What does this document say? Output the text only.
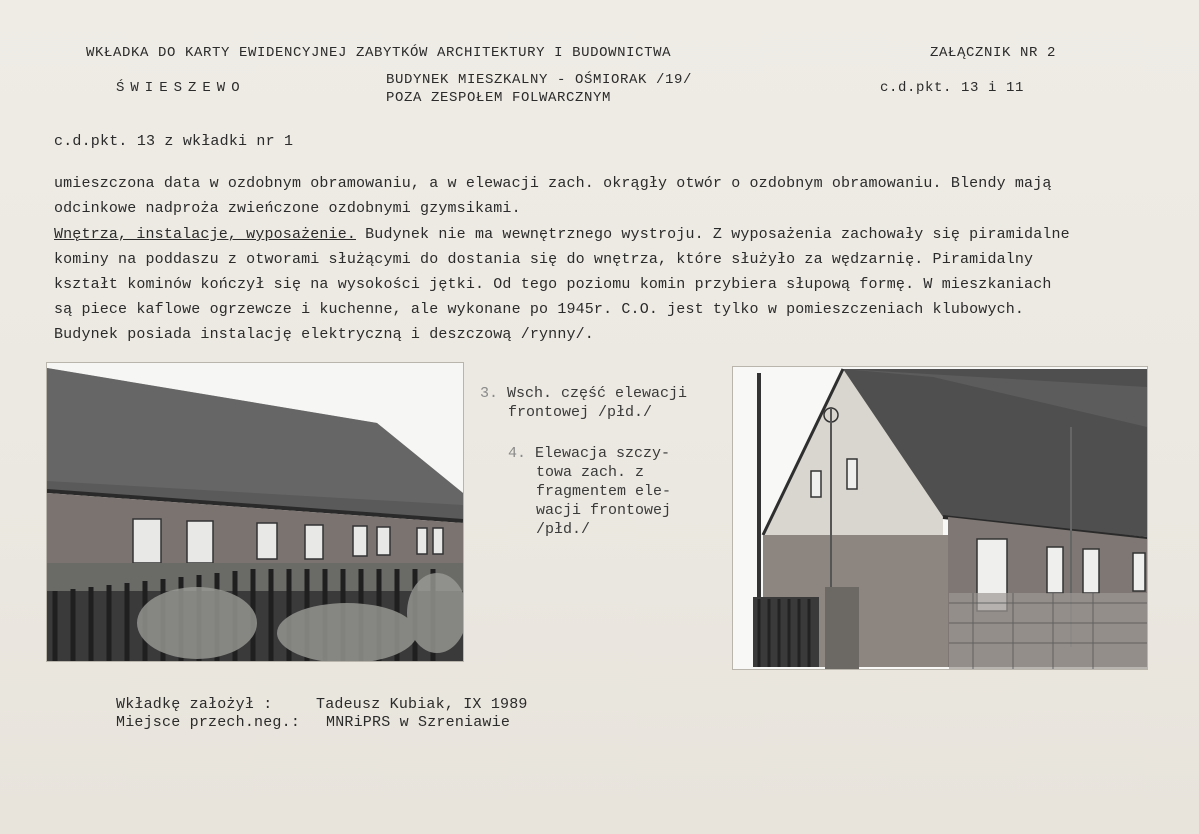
WKŁADKA DO KARTY EWIDENCYJNEJ ZABYTKÓW ARCHITEKTURY I BUDOWNICTWA	ZAŁĄCZNIK NR 2
ŚWIESZEWO	BUDYNEK MIESZKALNY - OŚMIORAK /19/
POZA ZESPOŁEM FOLWARCZNYM
c.d.pkt. 13 i 11
c.d.pkt. 13 z wkładki nr 1
umieszczona data w ozdobnym obramowaniu, a w elewacji zach. okrągły otwór o ozdobnym obramowaniu. Blendy mają
odcinkowe nadproża zwieńczone ozdobnymi gzymsikami.
Wnętrza, instalacje, wyposażenie. Budynek nie ma wewnętrznego wystroju. Z wyposażenia zachowały się piramidalne
kominy na poddaszu z otworami służącymi do dostania się do wnętrza, które służyło za wędzarnię. Piramidalny
kształt kominów kończył się na wysokości jętki. Od tego poziomu komin przybiera słupową formę. W mieszkaniach
są piece kaflowe ogrzewcze i kuchenne, ale wykonane po 1945r. C.O. jest tylko w pomieszczeniach klubowych.
Budynek posiada instalację elektryczną i deszczową /rynny/.
3. Wsch. część elewacji
frontowej /płd./
4. Elewacja szczy-
towa zach. z
fragmentem ele-
wacji frontowej
/płd./
Wkładkę założył :	Tadeusz Kubiak, IX 1989
Miejsce przech.neg.: MNRiPRS w Szreniawie
